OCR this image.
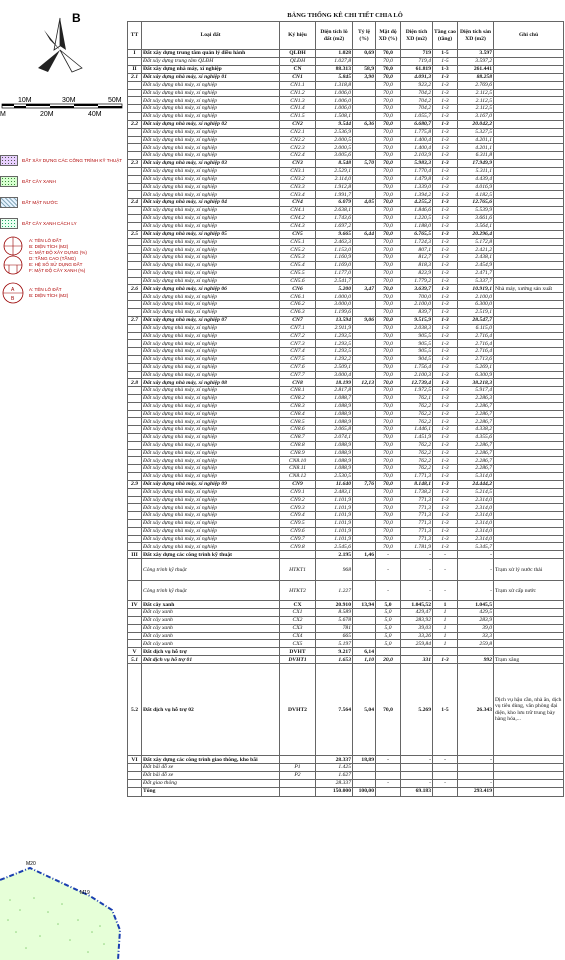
B
10M	30M	50M
M	20M	40M
ĐẤT XÂY DỰNG CÁC CÔNG TRÌNH KỸ THUẬT
ĐẤT CÂY XANH
ĐẤT MẶT NƯỚC
ĐẤT CÂY XANH CÁCH LY
A: TÊN LÔ ĐẤT
B: DIỆN TÍCH (M2)
C: MẬT ĐỘ XÂY DỰNG (%)
D: TẦNG CAO (TẦNG)
E: HỆ SỐ SỬ DỤNG ĐẤT
F: MẬT ĐỘ CÂY XANH (%)
A
B
A: TÊN LÔ ĐẤT
B: DIỆN TÍCH (M2)
M20
M19
BẢNG THỐNG KÊ CHI TIẾT CHIA LÔ
TT	Loại đất	Ký hiệu	Diện tích lô đất (m2)	Tỷ lệ (%)	Mật độ XD (%)	Diện tích XD (m2)	Tầng cao (tầng)	Diện tích sàn XD (m2)	Ghi chú
I	Đất xây dựng trung tâm quản lý điều hành	QLĐH	1.028	0,69	70,0	719	1-5	3.597	
	Đất xây dựng trung tâm QLĐH	QLĐH	1.027,8		70,0	719,4	1-5	3.597,2	
II	Đất xây dựng nhà máy, xí nghiệp	CN	88.313	58,9	70,0	61.819	1-3	261.441	
2.1	Đất xây dựng nhà máy, xí nghiệp 01	CN1	5.845	3,90	70,0	4.091,3	1-3	88.258	
	Đất xây dựng nhà máy, xí nghiệp	CN1.1	1.318,8		70,0	923,2	1-3	2.769,6	
	Đất xây dựng nhà máy, xí nghiệp	CN1.2	1.006,0		70,0	704,2	1-3	2.112,5	
	Đất xây dựng nhà máy, xí nghiệp	CN1.3	1.006,0		70,0	704,2	1-3	2.112,5	
	Đất xây dựng nhà máy, xí nghiệp	CN1.4	1.006,0		70,0	704,2	1-3	2.112,5	
	Đất xây dựng nhà máy, xí nghiệp	CN1.5	1.508,1		70,0	1.055,7	1-3	3.167,0	
2.2	Đất xây dựng nhà máy, xí nghiệp 02	CN2	9.544	6,36	70,0	6.680,7	1-3	20.042,2	
	Đất xây dựng nhà máy, xí nghiệp	CN2.1	2.536,9		70,0	1.775,8	1-3	5.327,5	
	Đất xây dựng nhà máy, xí nghiệp	CN2.2	2.000,5		70,0	1.400,4	1-3	4.201,1	
	Đất xây dựng nhà máy, xí nghiệp	CN2.3	2.000,5		70,0	1.400,4	1-3	4.201,1	
	Đất xây dựng nhà máy, xí nghiệp	CN2.4	3.005,6		70,0	2.103,9	1-3	6.311,8	
2.3	Đất xây dựng nhà máy, xí nghiệp 03	CN3	8.548	5,70	70,0	5.983,3	1-3	17.949,9	
	Đất xây dựng nhà máy, xí nghiệp	CN3.1	2.529,1		70,0	1.770,4	1-3	5.311,1	
	Đất xây dựng nhà máy, xí nghiệp	CN3.2	2.114,0		70,0	1.479,8	1-3	4.439,4	
	Đất xây dựng nhà máy, xí nghiệp	CN3.3	1.912,8		70,0	1.339,0	1-3	4.016,9	
	Đất xây dựng nhà máy, xí nghiệp	CN3.4	1.991,7		70,0	1.394,2	1-3	4.182,5	
2.4	Đất xây dựng nhà máy, xí nghiệp 04	CN4	6.079	4,05	70,0	4.255,2	1-3	12.765,6	
	Đất xây dựng nhà máy, xí nghiệp	CN4.1	2.638,1		70,0	1.846,6	1-3	5.539,9	
	Đất xây dựng nhà máy, xí nghiệp	CN4.2	1.743,6		70,0	1.220,5	1-3	3.661,6	
	Đất xây dựng nhà máy, xí nghiệp	CN4.3	1.697,2		70,0	1.188,0	1-3	3.564,1	
2.5	Đất xây dựng nhà máy, xí nghiệp 05	CN5	9.665	6,44	70,0	6.765,5	1-3	20.296,4	
	Đất xây dựng nhà máy, xí nghiệp	CN5.1	2.463,3		70,0	1.724,3	1-3	5.172,8	
	Đất xây dựng nhà máy, xí nghiệp	CN5.2	1.153,0		70,0	807,1	1-3	2.421,2	
	Đất xây dựng nhà máy, xí nghiệp	CN5.3	1.160,9		70,0	812,7	1-3	2.438,1	
	Đất xây dựng nhà máy, xí nghiệp	CN5.4	1.169,0		70,0	818,3	1-3	2.454,9	
	Đất xây dựng nhà máy, xí nghiệp	CN5.5	1.177,0		70,0	823,9	1-3	2.471,7	
	Đất xây dựng nhà máy, xí nghiệp	CN5.6	2.541,7		70,0	1.779,2	1-3	5.337,7	
2.6	Đất xây dựng nhà máy, xí nghiệp 06	CN6	5.200	3,47	70,0	3.639,7	1-3	10.919,1	Nhà máy, xưởng sản xuất
	Đất xây dựng nhà máy, xí nghiệp	CN6.1	1.000,0		70,0	700,0	1-3	2.100,0	
	Đất xây dựng nhà máy, xí nghiệp	CN6.2	3.000,0		70,0	2.100,0	1-3	6.300,0	
	Đất xây dựng nhà máy, xí nghiệp	CN6.3	1.199,6		70,0	839,7	1-3	2.519,1	
2.7	Đất xây dựng nhà máy, xí nghiệp 07	CN7	13.594	9,06	70,0	9.515,9	1-3	28.547,7	
	Đất xây dựng nhà máy, xí nghiệp	CN7.1	2.911,9		70,0	2.038,3	1-3	6.115,0	
	Đất xây dựng nhà máy, xí nghiệp	CN7.2	1.293,5		70,0	905,5	1-3	2.716,4	
	Đất xây dựng nhà máy, xí nghiệp	CN7.3	1.293,5		70,0	905,5	1-3	2.716,4	
	Đất xây dựng nhà máy, xí nghiệp	CN7.4	1.293,5		70,0	905,5	1-3	2.716,4	
	Đất xây dựng nhà máy, xí nghiệp	CN7.5	1.292,2		70,0	904,5	1-3	2.713,6	
	Đất xây dựng nhà máy, xí nghiệp	CN7.6	2.509,1		70,0	1.756,4	1-3	5.269,1	
	Đất xây dựng nhà máy, xí nghiệp	CN7.7	3.000,4		70,0	2.100,3	1-3	6.300,9	
2.8	Đất xây dựng nhà máy, xí nghiệp 08	CN8	18.199	12,13	70,0	12.739,4	1-3	38.218,3	
	Đất xây dựng nhà máy, xí nghiệp	CN8.1	2.817,8		70,0	1.972,5	1-3	5.917,4	
	Đất xây dựng nhà máy, xí nghiệp	CN8.2	1.088,7		70,0	762,1	1-3	2.286,3	
	Đất xây dựng nhà máy, xí nghiệp	CN8.3	1.088,9		70,0	762,2	1-3	2.286,7	
	Đất xây dựng nhà máy, xí nghiệp	CN8.4	1.088,9		70,0	762,2	1-3	2.286,7	
	Đất xây dựng nhà máy, xí nghiệp	CN8.5	1.088,9		70,0	762,2	1-3	2.286,7	
	Đất xây dựng nhà máy, xí nghiệp	CN8.6	2.065,8		70,0	1.446,1	1-3	4.338,2	
	Đất xây dựng nhà máy, xí nghiệp	CN8.7	2.074,1		70,0	1.451,9	1-3	4.355,6	
	Đất xây dựng nhà máy, xí nghiệp	CN8.8	1.088,9		70,0	762,2	1-3	2.286,7	
	Đất xây dựng nhà máy, xí nghiệp	CN8.9	1.088,9		70,0	762,2	1-3	2.286,7	
	Đất xây dựng nhà máy, xí nghiệp	CN8.10	1.088,9		70,0	762,2	1-3	2.286,7	
	Đất xây dựng nhà máy, xí nghiệp	CN8.11	1.088,9		70,0	762,2	1-3	2.286,7	
	Đất xây dựng nhà máy, xí nghiệp	CN8.12	2.530,5		70,0	1.771,3	1-3	5.314,0	
2.9	Đất xây dựng nhà máy, xí nghiệp 09	CN9	11.640	7,76	70,0	8.148,1	1-3	24.444,2	
	Đất xây dựng nhà máy, xí nghiệp	CN9.1	2.483,1		70,0	1.738,2	1-3	5.214,5	
	Đất xây dựng nhà máy, xí nghiệp	CN9.2	1.101,9		70,0	771,3	1-3	2.314,0	
	Đất xây dựng nhà máy, xí nghiệp	CN9.3	1.101,9		70,0	771,3	1-3	2.314,0	
	Đất xây dựng nhà máy, xí nghiệp	CN9.4	1.101,9		70,0	771,3	1-3	2.314,0	
	Đất xây dựng nhà máy, xí nghiệp	CN9.5	1.101,9		70,0	771,3	1-3	2.314,0	
	Đất xây dựng nhà máy, xí nghiệp	CN9.6	1.101,9		70,0	771,3	1-3	2.314,0	
	Đất xây dựng nhà máy, xí nghiệp	CN9.7	1.101,9		70,0	771,3	1-3	2.314,0	
	Đất xây dựng nhà máy, xí nghiệp	CN9.8	2.545,6		70,0	1.781,9	1-3	5.345,7	
III	Đất xây dựng các công trình kỹ thuật		2.195	1,46	-	-	-	-	
	Công trình kỹ thuật	HTKT1	968		-	-	-	-	Trạm xử lý nước thải
	Công trình kỹ thuật	HTKT2	1.227		-	-	-	-	Trạm xử cấp nước
IV	Đất cây xanh	CX	20.910	13,94	5,0	1.045,52	1	1.045,5	
	Đất cây xanh	CX1	8.589		5,0	429,47	1	429,5	
	Đất cây xanh	CX2	5.678		5,0	283,92	1	283,9	
	Đất cây xanh	CX3	781		5,0	39,03	1	39,0	
	Đất cây xanh	CX4	665		5,0	33,26	1	33,3	
	Đất cây xanh	CX5	5.197		5,0	259,84	1	259,8	
V	Đất dịch vụ hỗ trợ	DVHT	9.217	6,14					
5.1	Đất dịch vụ hỗ trợ 01	DVHT1	1.653	1,10	20,0	331	1-3	992	Trạm xăng
5.2	Đất dịch vụ hỗ trợ 02	DVHT2	7.564	5,04	70,0	5.269	1-5	26.343	Dịch vụ hậu cần, nhà ăn, dịch vụ tiêu dùng, văn phòng đại diện, kho lưu trữ trung bày hàng hóa,...
VI	Đất xây dựng các công trình giao thông, kho bãi		28.337	18,89	-	-	-	-	
	Đất bãi đỗ xe	P1	1.425						
	Đất bãi đỗ xe	P2	1.627						
	Đất giao thông		28.337		-	-	-	-	
	Tổng		150.000	100,00		69.183		293.419	
